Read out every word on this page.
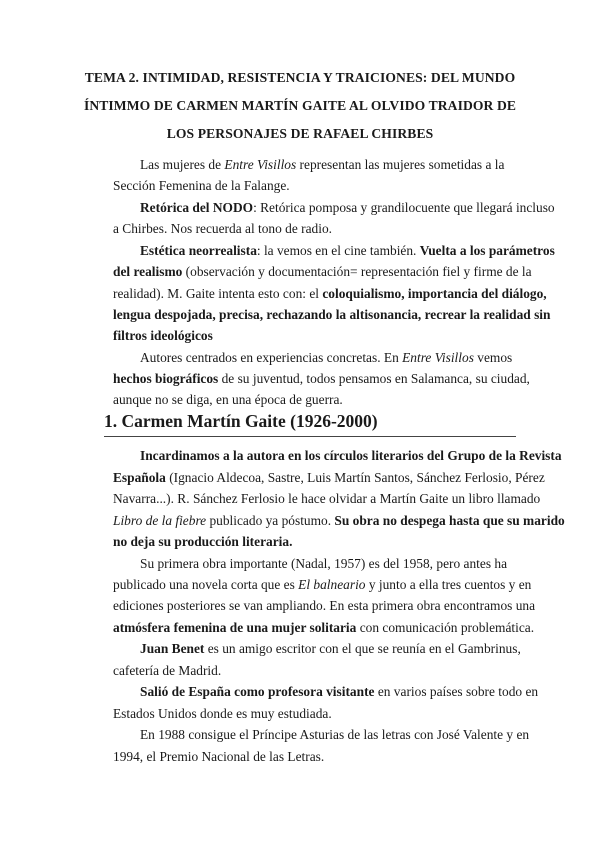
TEMA 2. INTIMIDAD, RESISTENCIA Y TRAICIONES: DEL MUNDO
ÍNTIMMO DE CARMEN MARTÍN GAITE AL OLVIDO TRAIDOR DE
LOS PERSONAJES DE RAFAEL CHIRBES

Las mujeres de Entre Visillos representan las mujeres sometidas a la

Sección Femenina de la Falange.

Retórica del NODO: Retórica pomposa y grandilocuente que llegará incluso

a Chirbes. Nos recuerda al tono de radio.

Estética neorrealista: la vemos en el cine también. Vuelta a los parámetros

del realismo (observación y documentación= representación fiel y firme de la

realidad). M. Gaite intenta esto con: el coloquialismo, importancia del diálogo,

lengua despojada, precisa, rechazando la altisonancia, recrear la realidad sin

filtros ideológicos

Autores centrados en experiencias concretas. En Entre Visillos vemos

hechos biográficos de su juventud, todos pensamos en Salamanca, su ciudad,

aunque no se diga, en una época de guerra.

1. Carmen Martín Gaite (1926-2000)

Incardinamos a la autora en los círculos literarios del Grupo de la Revista

Española (Ignacio Aldecoa, Sastre, Luis Martín Santos, Sánchez Ferlosio, Pérez

Navarra...). R. Sánchez Ferlosio le hace olvidar a Martín Gaite un libro llamado

Libro de la fiebre publicado ya póstumo. Su obra no despega hasta que su marido

no deja su producción literaria.

Su primera obra importante (Nadal, 1957) es del 1958, pero antes ha

publicado una novela corta que es El balneario y junto a ella tres cuentos y en

ediciones posteriores se van ampliando. En esta primera obra encontramos una

atmósfera femenina de una mujer solitaria con comunicación problemática.

Juan Benet es un amigo escritor con el que se reunía en el Gambrinus,

cafetería de Madrid.

Salió de España como profesora visitante en varios países sobre todo en

Estados Unidos donde es muy estudiada.

En 1988 consigue el Príncipe Asturias de las letras con José Valente y en

1994, el Premio Nacional de las Letras.
